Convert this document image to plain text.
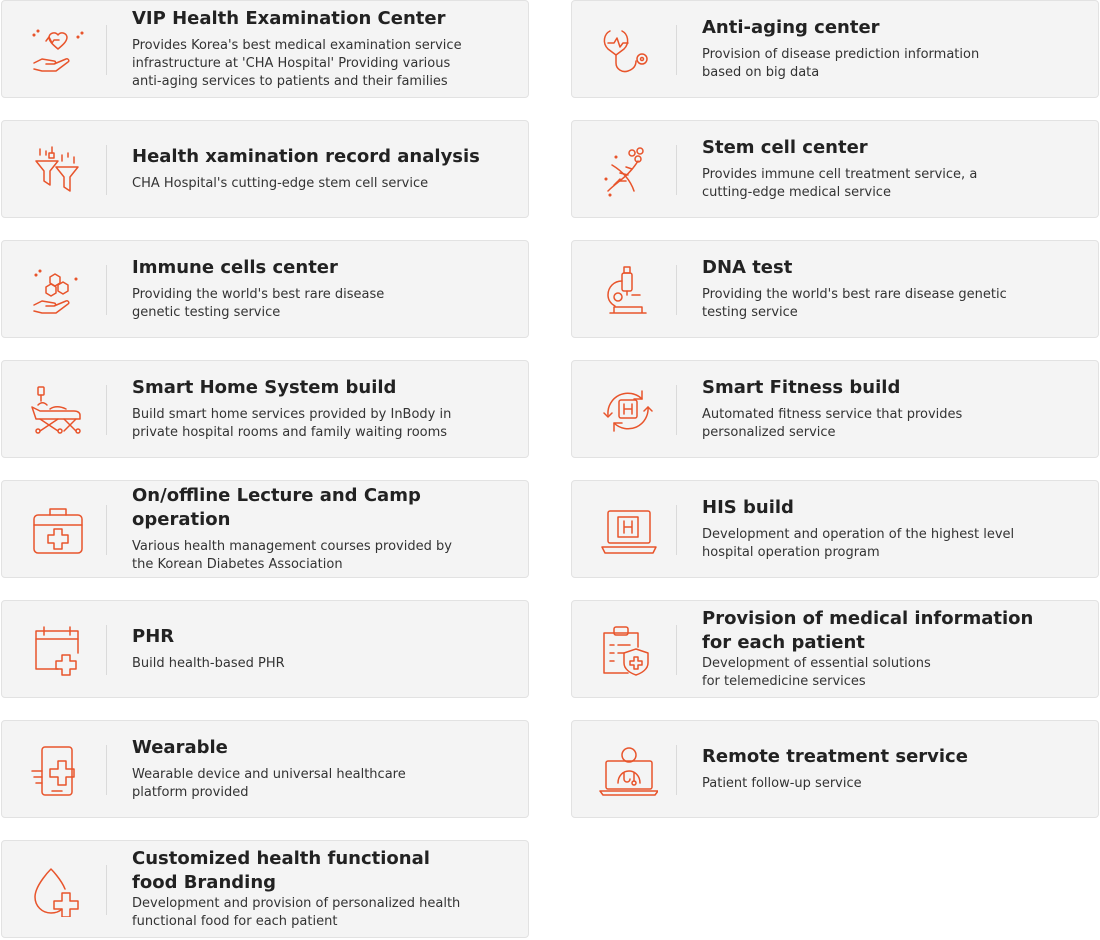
VIP Health Examination Center
Provides Korea's best medical examination service
infrastructure at 'CHA Hospital' Providing various
anti-aging services to patients and their families
Health xamination record analysis
CHA Hospital's cutting-edge stem cell service
Immune cells center
Providing the world's best rare disease
genetic testing service
Smart Home System build
Build smart home services provided by InBody in
private hospital rooms and family waiting rooms
On/offline Lecture and Camp operation
Various health management courses provided by
the Korean Diabetes Association
PHR
Build health-based PHR
Wearable
Wearable device and universal healthcare
platform provided
Customized health functional
food Branding
Development and provision of personalized health
functional food for each patient
Anti-aging center
Provision of disease prediction information
based on big data
Stem cell center
Provides immune cell treatment service, a
cutting-edge medical service
DNA test
Providing the world's best rare disease genetic
testing service
Smart Fitness build
Automated fitness service that provides
personalized service
HIS build
Development and operation of the highest level
hospital operation program
Provision of medical information
for each patient
Development of essential solutions
for telemedicine services
Remote treatment service
Patient follow-up service
